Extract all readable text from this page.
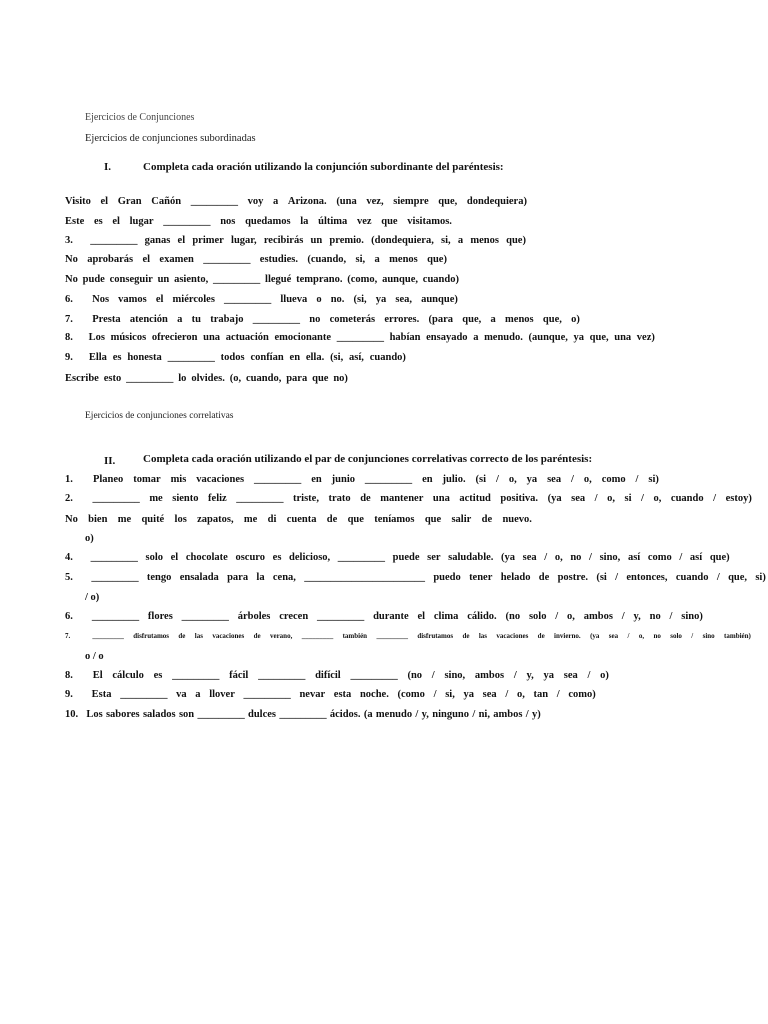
Ejercicios de Conjunciones
Ejercicios de conjunciones subordinadas
I.	Completa cada oración utilizando la conjunción subordinante del paréntesis:
Visito el Gran Cañón _________ voy a Arizona. (una vez, siempre que, dondequiera)
Este es el lugar _________ nos quedamos la última vez que visitamos.
3.	_________ ganas el primer lugar, recibirás un premio. (dondequiera, si, a menos que)
No aprobarás el examen _________ estudies. (cuando, si, a menos que)
No pude conseguir un asiento, _________ llegué temprano. (como, aunque, cuando)
6.	Nos vamos el miércoles _________ llueva o no. (si, ya sea, aunque)
7.	Presta atención a tu trabajo _________ no cometerás errores. (para que, a menos que, o)
8.	Los músicos ofrecieron una actuación emocionante _________ habían ensayado a menudo. (aunque, ya que, una vez)
9.	Ella es honesta _________ todos confían en ella. (si, así, cuando)
Escribe esto _________ lo olvides. (o, cuando, para que no)
Ejercicios de conjunciones correlativas
II.	Completa cada oración utilizando el par de conjunciones correlativas correcto de los paréntesis:
1.	Planeo tomar mis vacaciones _________ en junio _________ en julio. (si / o, ya sea / o, como / si)
2.	_________ me siento feliz _________ triste, trato de mantener una actitud positiva. (ya sea / o, si / o, cuando / estoy)
No bien me quité los zapatos, me di cuenta de que teníamos que salir de nuevo.
o)
4.	_________ solo el chocolate oscuro es delicioso, _________ puede ser saludable. (ya sea / o, no / sino, así como / así que)
5.	_________ tengo ensalada para la cena, _______________________ puedo tener helado de postre. (si / entonces, cuando / que, si)
/ o)
6.	_________ flores _________ árboles crecen _________ durante el clima cálido. (no solo / o, ambos / y, no / sino)
7.	_________ disfrutamos de las vacaciones de verano, _________ también _________ disfrutamos de las vacaciones de invierno. (ya sea / o, no solo / sino también)
o / o
8.	El cálculo es _________ fácil _________ difícil _________ (no / sino, ambos / y, ya sea / o)
9.	Esta _________ va a llover _________ nevar esta noche. (como / si, ya sea / o, tan / como)
10. Los sabores salados son _________ dulces _________ ácidos. (a menudo / y, ninguno / ni, ambos / y)
